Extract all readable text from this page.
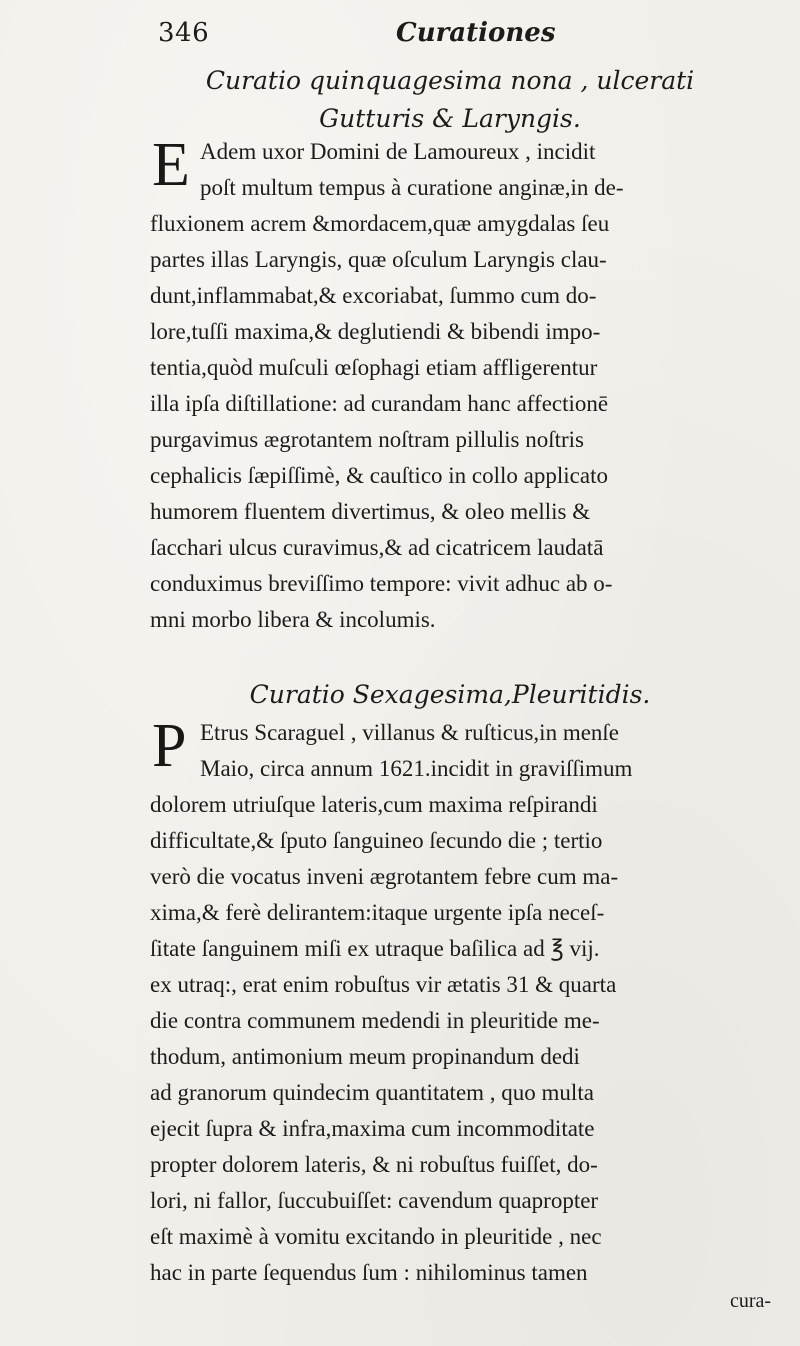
346	Curationes
Curatio quinquagesima nona , ulcerati
Gutturis & Laryngis.
E Adem uxor Domini de Lamoureux , incidit
poſt multum tempus à curatione anginæ,in de-
fluxionem acrem &mordacem,quæ amygdalas ſeu
partes illas Laryngis, quæ oſculum Laryngis clau-
dunt,inflammabat,& excoriabat, ſummo cum do-
lore,tuſſi maxima,& deglutiendi & bibendi impo-
tentia,quòd muſculi œſophagi etiam affligerentur
illa ipſa diſtillatione: ad curandam hanc affectionē
purgavimus ægrotantem noſtram pillulis noſtris
cephalicis ſæpiſſimè, & cauſtico in collo applicato
humorem fluentem divertimus, & oleo mellis &
ſacchari ulcus curavimus,& ad cicatricem laudatā
conduximus breviſſimo tempore: vivit adhuc ab o-
mni morbo libera & incolumis.
Curatio Sexagesima,Pleuritidis.
P Etrus Scaraguel , villanus & ruſticus,in menſe
Maio, circa annum 1621.incidit in graviſſimum
dolorem utriuſque lateris,cum maxima reſpirandi
difficultate,& ſputo ſanguineo ſecundo die ; tertio
verò die vocatus inveni ægrotantem febre cum ma-
xima,& ferè delirantem:itaque urgente ipſa neceſ-
ſitate ſanguinem miſi ex utraque baſilica ad ℥ vij.
ex utraq:, erat enim robuſtus vir ætatis 31 & quarta
die contra communem medendi in pleuritide me-
thodum, antimonium meum propinandum dedi
ad granorum quindecim quantitatem , quo multa
ejecit ſupra & infra,maxima cum incommoditate
propter dolorem lateris, & ni robuſtus fuiſſet, do-
lori, ni fallor, ſuccubuiſſet: cavendum quapropter
eſt maximè à vomitu excitando in pleuritide , nec
hac in parte ſequendus ſum : nihilominus tamen
cura-
